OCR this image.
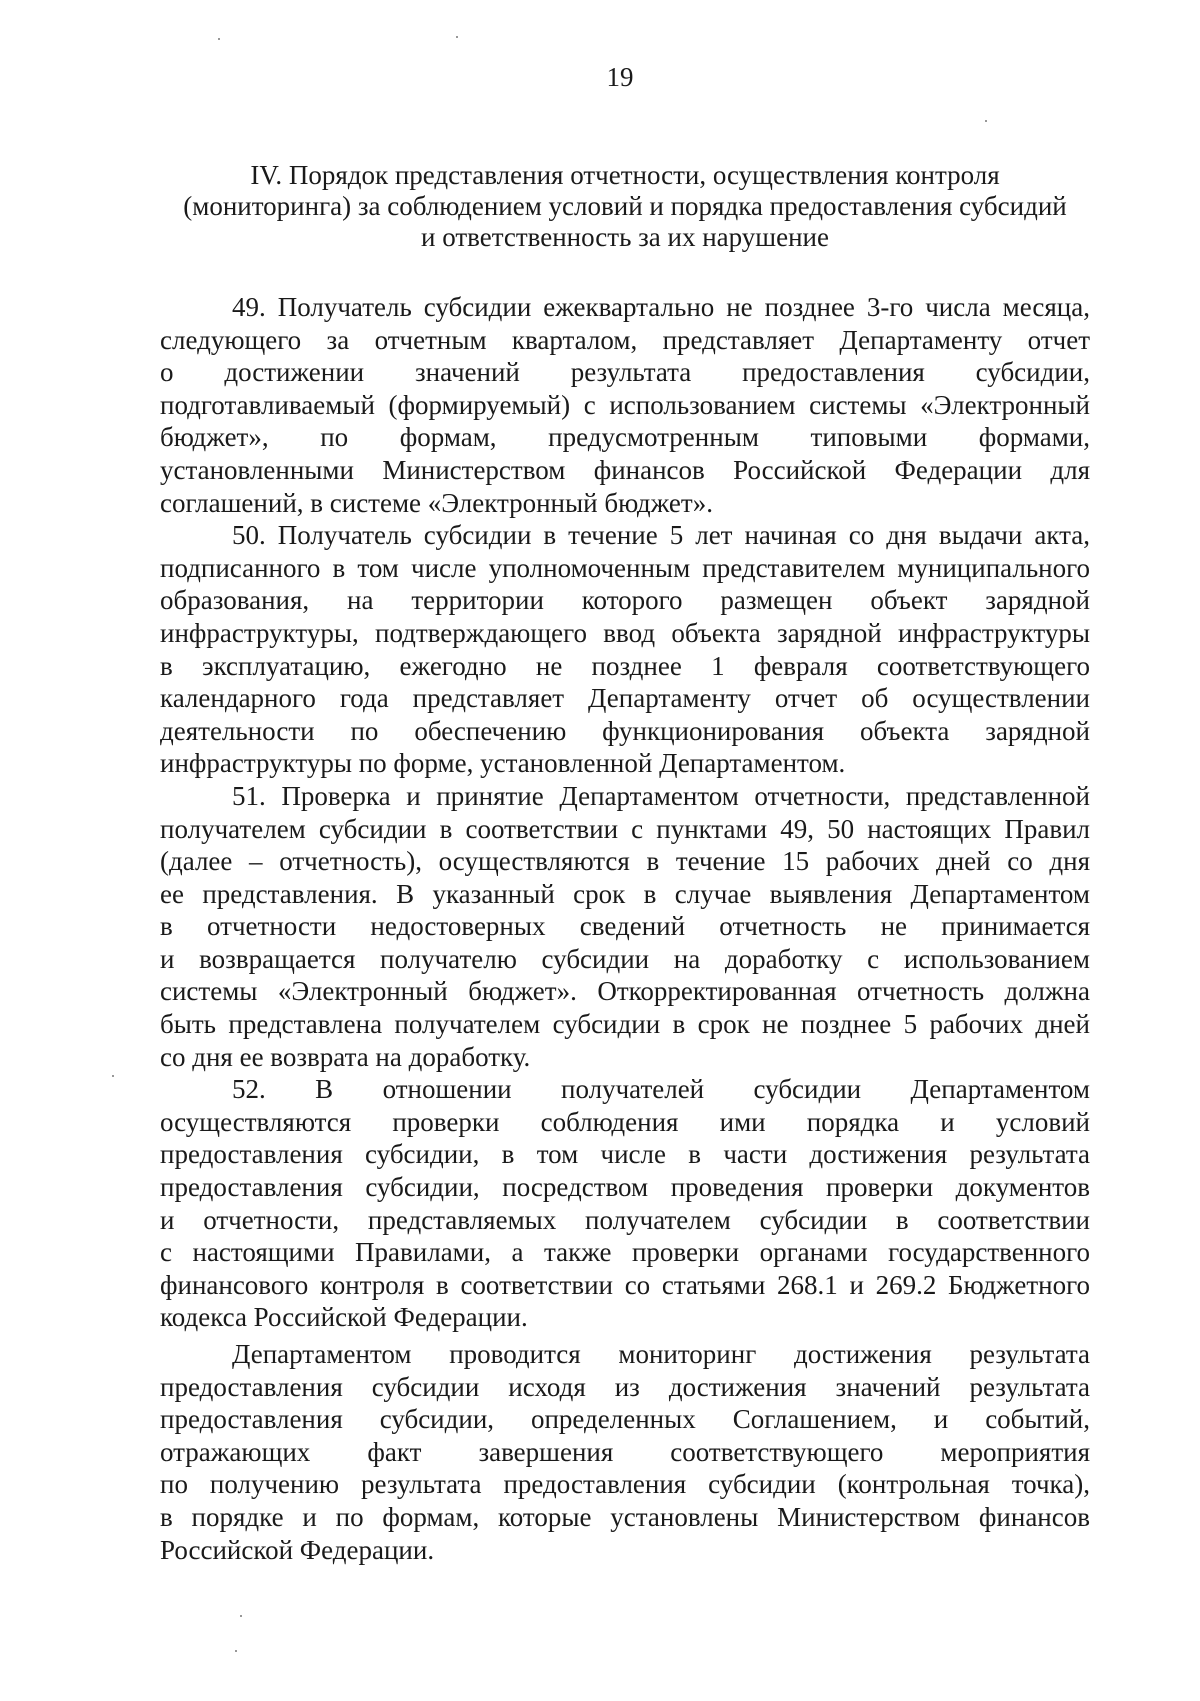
19
IV. Порядок представления отчетности, осуществления контроля
(мониторинга) за соблюдением условий и порядка предоставления субсидий
и ответственность за их нарушение
49. Получатель субсидии ежеквартально не позднее 3-го числа месяца,
следующего за отчетным кварталом, представляет Департаменту отчет
о достижении значений результата предоставления субсидии,
подготавливаемый (формируемый) с использованием системы «Электронный
бюджет», по формам, предусмотренным типовыми формами,
установленными Министерством финансов Российской Федерации для
соглашений, в системе «Электронный бюджет».
50. Получатель субсидии в течение 5 лет начиная со дня выдачи акта,
подписанного в том числе уполномоченным представителем муниципального
образования, на территории которого размещен объект зарядной
инфраструктуры, подтверждающего ввод объекта зарядной инфраструктуры
в эксплуатацию, ежегодно не позднее 1 февраля соответствующего
календарного года представляет Департаменту отчет об осуществлении
деятельности по обеспечению функционирования объекта зарядной
инфраструктуры по форме, установленной Департаментом.
51. Проверка и принятие Департаментом отчетности, представленной
получателем субсидии в соответствии с пунктами 49, 50 настоящих Правил
(далее – отчетность), осуществляются в течение 15 рабочих дней со дня
ее представления. В указанный срок в случае выявления Департаментом
в отчетности недостоверных сведений отчетность не принимается
и возвращается получателю субсидии на доработку с использованием
системы «Электронный бюджет». Откорректированная отчетность должна
быть представлена получателем субсидии в срок не позднее 5 рабочих дней
со дня ее возврата на доработку.
52. В отношении получателей субсидии Департаментом
осуществляются проверки соблюдения ими порядка и условий
предоставления субсидии, в том числе в части достижения результата
предоставления субсидии, посредством проведения проверки документов
и отчетности, представляемых получателем субсидии в соответствии
с настоящими Правилами, а также проверки органами государственного
финансового контроля в соответствии со статьями 268.1 и 269.2 Бюджетного
кодекса Российской Федерации.
Департаментом проводится мониторинг достижения результата
предоставления субсидии исходя из достижения значений результата
предоставления субсидии, определенных Соглашением, и событий,
отражающих факт завершения соответствующего мероприятия
по получению результата предоставления субсидии (контрольная точка),
в порядке и по формам, которые установлены Министерством финансов
Российской Федерации.
